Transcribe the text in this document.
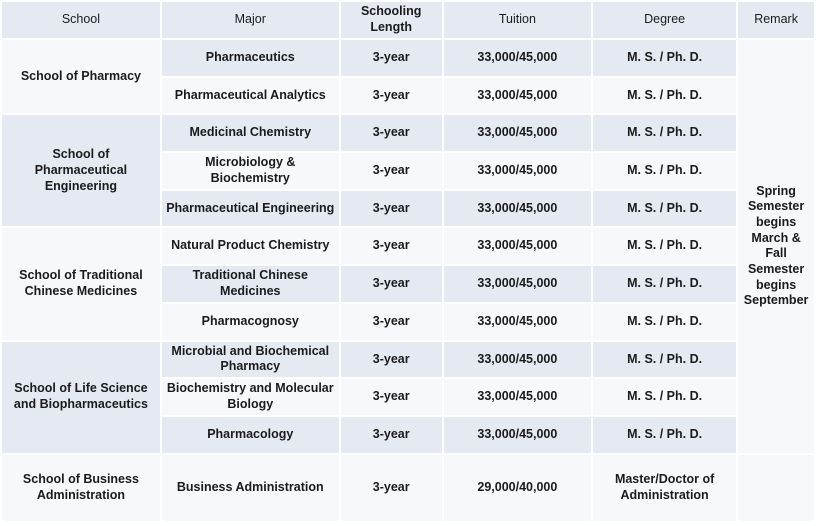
School	Major	Schooling Length	Tuition	Degree	Remark
School of Pharmacy	Pharmaceutics	3-year	33,000/45,000	M. S. / Ph. D.	Spring Semester begins March & Fall Semester begins September
	Pharmaceutical Analytics	3-year	33,000/45,000	M. S. / Ph. D.	
School of Pharmaceutical Engineering	Medicinal Chemistry	3-year	33,000/45,000	M. S. / Ph. D.	
	Microbiology & Biochemistry	3-year	33,000/45,000	M. S. / Ph. D.	
	Pharmaceutical Engineering	3-year	33,000/45,000	M. S. / Ph. D.	
School of Traditional Chinese Medicines	Natural Product Chemistry	3-year	33,000/45,000	M. S. / Ph. D.	
	Traditional Chinese Medicines	3-year	33,000/45,000	M. S. / Ph. D.	
	Pharmacognosy	3-year	33,000/45,000	M. S. / Ph. D.	
School of Life Science and Biopharmaceutics	Microbial and Biochemical Pharmacy	3-year	33,000/45,000	M. S. / Ph. D.	
	Biochemistry and Molecular Biology	3-year	33,000/45,000	M. S. / Ph. D.	
	Pharmacology	3-year	33,000/45,000	M. S. / Ph. D.	
School of Business Administration	Business Administration	3-year	29,000/40,000	Master/Doctor of Administration	
